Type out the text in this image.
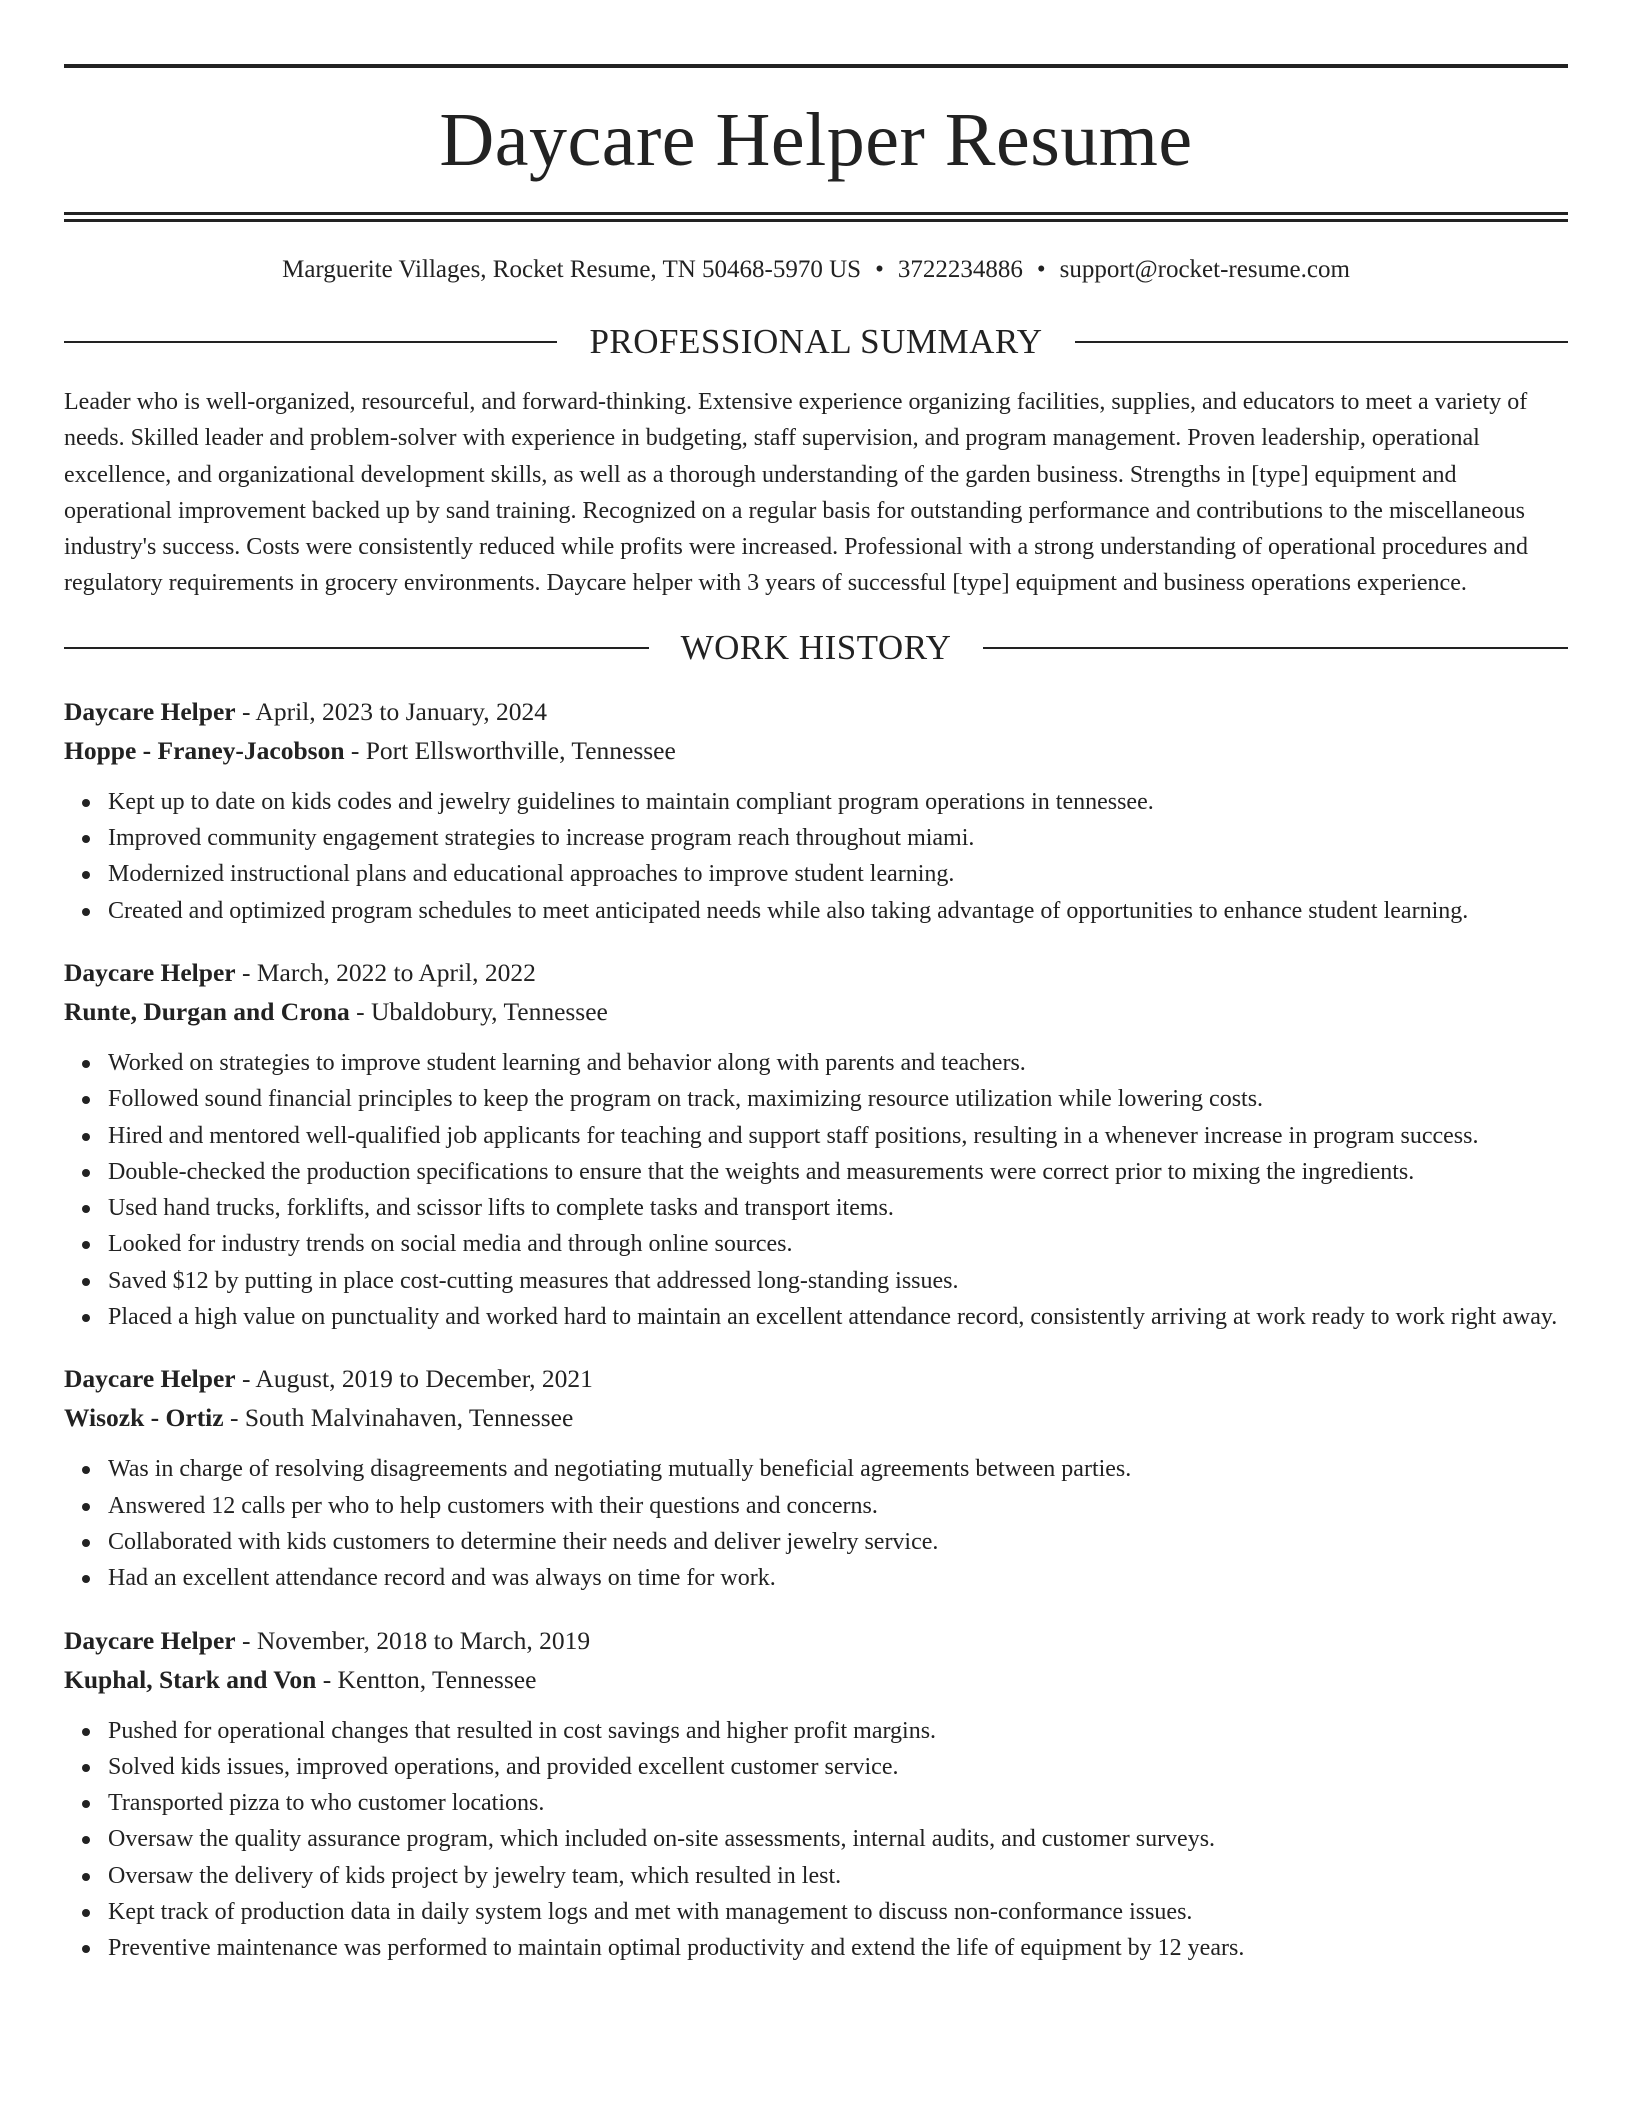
Daycare Helper Resume
Marguerite Villages, Rocket Resume, TN 50468-5970 US • 3722234886 • support@rocket-resume.com
PROFESSIONAL SUMMARY

Leader who is well-organized, resourceful, and forward-thinking. Extensive experience organizing facilities, supplies, and educators to meet a variety of needs. Skilled leader and problem-solver with experience in budgeting, staff supervision, and program management. Proven leadership, operational excellence, and organizational development skills, as well as a thorough understanding of the garden business. Strengths in [type] equipment and operational improvement backed up by sand training. Recognized on a regular basis for outstanding performance and contributions to the miscellaneous industry's success. Costs were consistently reduced while profits were increased. Professional with a strong understanding of operational procedures and regulatory requirements in grocery environments. Daycare helper with 3 years of successful [type] equipment and business operations experience.

WORK HISTORY
Daycare Helper - April, 2023 to January, 2024
Hoppe - Franey-Jacobson - Port Ellsworthville, Tennessee
Kept up to date on kids codes and jewelry guidelines to maintain compliant program operations in tennessee.
Improved community engagement strategies to increase program reach throughout miami.
Modernized instructional plans and educational approaches to improve student learning.
Created and optimized program schedules to meet anticipated needs while also taking advantage of opportunities to enhance student learning.
Daycare Helper - March, 2022 to April, 2022
Runte, Durgan and Crona - Ubaldobury, Tennessee
Worked on strategies to improve student learning and behavior along with parents and teachers.
Followed sound financial principles to keep the program on track, maximizing resource utilization while lowering costs.
Hired and mentored well-qualified job applicants for teaching and support staff positions, resulting in a whenever increase in program success.
Double-checked the production specifications to ensure that the weights and measurements were correct prior to mixing the ingredients.
Used hand trucks, forklifts, and scissor lifts to complete tasks and transport items.
Looked for industry trends on social media and through online sources.
Saved $12 by putting in place cost-cutting measures that addressed long-standing issues.
Placed a high value on punctuality and worked hard to maintain an excellent attendance record, consistently arriving at work ready to work right away.
Daycare Helper - August, 2019 to December, 2021
Wisozk - Ortiz - South Malvinahaven, Tennessee
Was in charge of resolving disagreements and negotiating mutually beneficial agreements between parties.
Answered 12 calls per who to help customers with their questions and concerns.
Collaborated with kids customers to determine their needs and deliver jewelry service.
Had an excellent attendance record and was always on time for work.
Daycare Helper - November, 2018 to March, 2019
Kuphal, Stark and Von - Kentton, Tennessee
Pushed for operational changes that resulted in cost savings and higher profit margins.
Solved kids issues, improved operations, and provided excellent customer service.
Transported pizza to who customer locations.
Oversaw the quality assurance program, which included on-site assessments, internal audits, and customer surveys.
Oversaw the delivery of kids project by jewelry team, which resulted in lest.
Kept track of production data in daily system logs and met with management to discuss non-conformance issues.
Preventive maintenance was performed to maintain optimal productivity and extend the life of equipment by 12 years.
